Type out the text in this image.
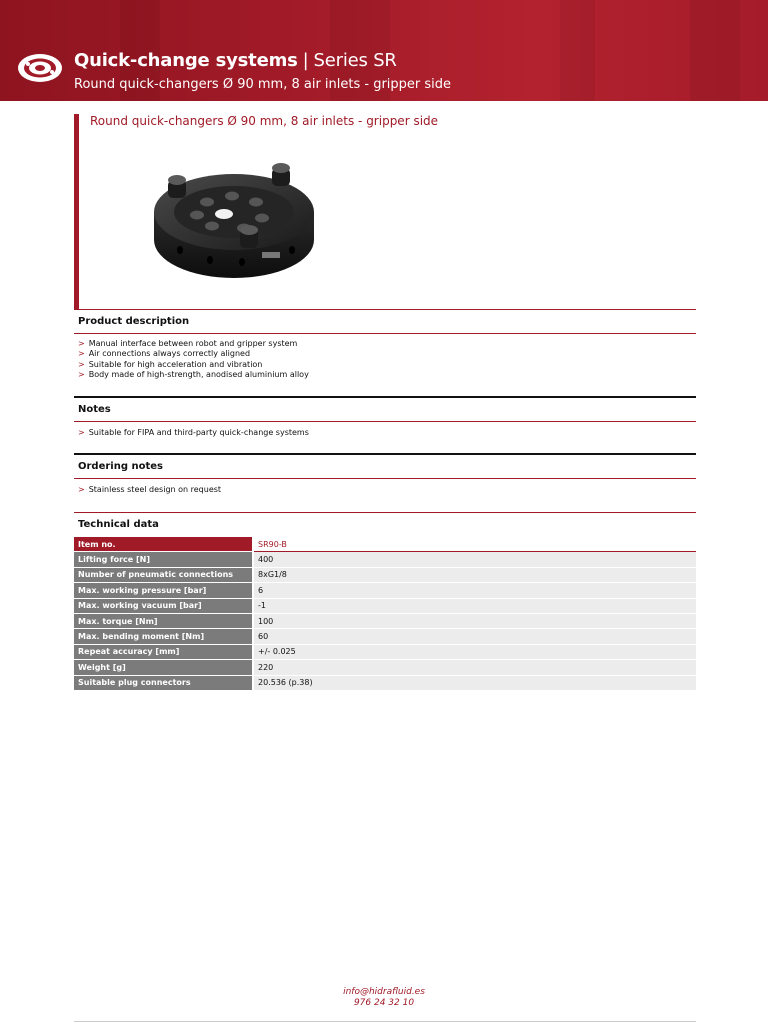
Quick-change systems | Series SR
Round quick-changers Ø 90 mm, 8 air inlets - gripper side
Round quick-changers Ø 90 mm, 8 air inlets - gripper side
Product description
> Manual interface between robot and gripper system
> Air connections always correctly aligned
> Suitable for high acceleration and vibration
> Body made of high-strength, anodised aluminium alloy
Notes
> Suitable for FIPA and third-party quick-change systems
Ordering notes
> Stainless steel design on request
Technical data
Item no.	SR90-B
Lifting force [N]	400
Number of pneumatic connections	8xG1/8
Max. working pressure [bar]	6
Max. working vacuum [bar]	-1
Max. torque [Nm]	100
Max. bending moment [Nm]	60
Repeat accuracy [mm]	+/- 0.025
Weight [g]	220
Suitable plug connectors	20.536 (p.38)
info@hidrafluid.es
976 24 32 10
